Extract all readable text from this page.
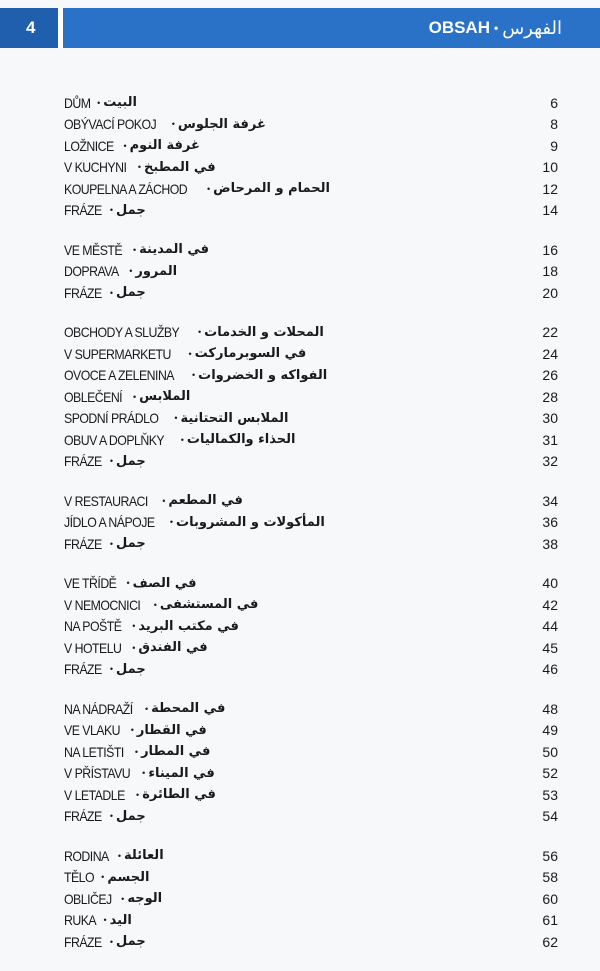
4	OBSAH • الفهرس
DŮM • البيت	6
OBÝVACÍ POKOJ • غرفة الجلوس	8
LOŽNICE • غرفة النوم	9
V KUCHYNI • في المطبخ	10
KOUPELNA A ZÁCHOD • الحمام و المرحاض	12
FRÁZE • جمل	14
VE MĚSTĚ • في المدينة	16
DOPRAVA • المرور	18
FRÁZE • جمل	20
OBCHODY A SLUŽBY • المحلات و الخدمات	22
V SUPERMARKETU • في السوبرماركت	24
OVOCE A ZELENINA • الفواكه و الخضروات	26
OBLEČENÍ • الملابس	28
SPODNÍ PRÁDLO • الملابس التحتانية	30
OBUV A DOPLŇKY • الحذاء والكماليات	31
FRÁZE • جمل	32
V RESTAURACI • في المطعم	34
JÍDLO A NÁPOJE • المأكولات و المشروبات	36
FRÁZE • جمل	38
VE TŘÍDĚ • في الصف	40
V NEMOCNICI • في المستشفى	42
NA POŠTĚ • في مكتب البريد	44
V HOTELU • في الفندق	45
FRÁZE • جمل	46
NA NÁDRAŽÍ • في المحطة	48
VE VLAKU • في القطار	49
NA LETIŠTI • في المطار	50
V PŘÍSTAVU • في الميناء	52
V LETADLE • في الطائرة	53
FRÁZE • جمل	54
RODINA • العائلة	56
TĚLO • الجسم	58
OBLIČEJ • الوجه	60
RUKA • اليد	61
FRÁZE • جمل	62
